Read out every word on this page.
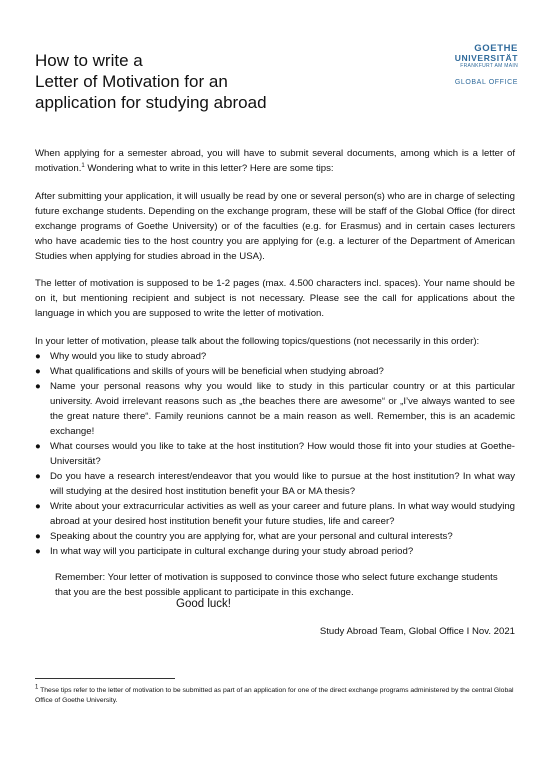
How to write a
Letter of Motivation for an
application for studying abroad
GOETHE
UNIVERSITÄT
FRANKFURT AM MAIN
GLOBAL OFFICE

When applying for a semester abroad, you will have to submit several documents, among which is a letter of motivation.$^1$ Wondering what to write in this letter? Here are some tips:

After submitting your application, it will usually be read by one or several person(s) who are in charge of selecting future exchange students. Depending on the exchange program, these will be staff of the Global Office (for direct exchange programs of Goethe University) or of the faculties (e.g. for Erasmus) and in certain cases lecturers who have academic ties to the host country you are applying for (e.g. a lecturer of the Department of American Studies when applying for studies abroad in the USA).

The letter of motivation is supposed to be 1-2 pages (max. 4.500 characters incl. spaces). Your name should be on it, but mentioning recipient and subject is not necessary. Please see the call for applications about the language in which you are supposed to write the letter of motivation.

In your letter of motivation, please talk about the following topics/questions (not necessarily in this order):

● Why would you like to study abroad?
● What qualifications and skills of yours will be beneficial when studying abroad?
● Name your personal reasons why you would like to study in this particular country or at this particular university. Avoid irrelevant reasons such as „the beaches there are awesome“ or „I’ve always wanted to see the great nature there“. Family reunions cannot be a main reason as well. Remember, this is an academic exchange!
● What courses would you like to take at the host institution? How would those fit into your studies at Goethe-Universität?
● Do you have a research interest/endeavor that you would like to pursue at the host institution? In what way will studying at the desired host institution benefit your BA or MA thesis?
● Write about your extracurricular activities as well as your career and future plans. In what way would studying abroad at your desired host institution benefit your future studies, life and career?
● Speaking about the country you are applying for, what are your personal and cultural interests?
● In what way will you participate in cultural exchange during your study abroad period?
Remember: Your letter of motivation is supposed to convince those who select future exchange students that you are the best possible applicant to participate in this exchange.
Good luck!
Study Abroad Team, Global Office I Nov. 2021
$^1$ These tips refer to the letter of motivation to be submitted as part of an application for one of the direct exchange programs administered by the central Global Office of Goethe University.
